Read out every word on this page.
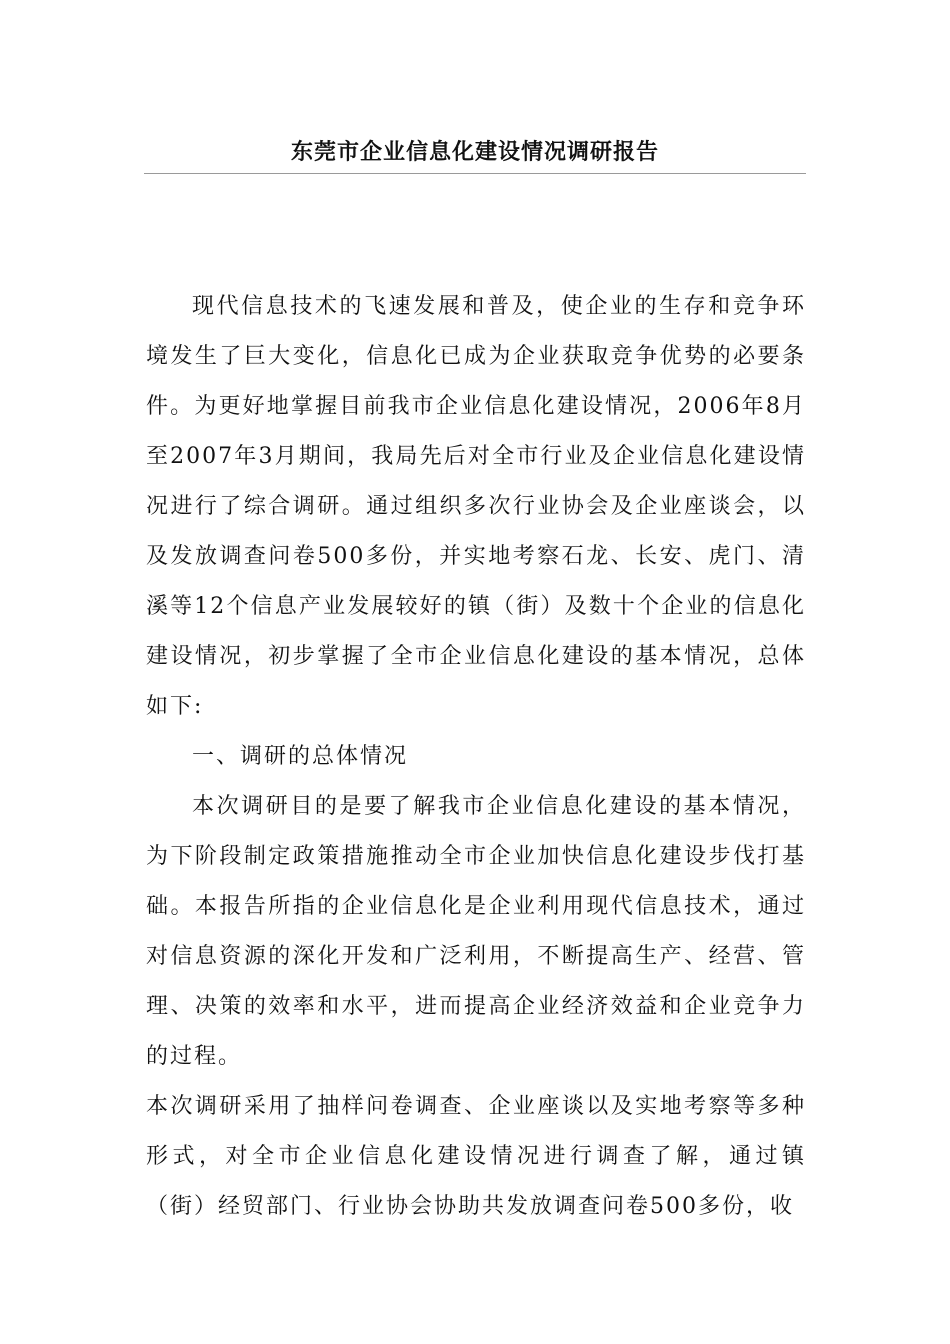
东莞市企业信息化建设情况调研报告

现代信息技术的飞速发展和普及，使企业的生存和竞争环境发生了巨大变化，信息化已成为企业获取竞争优势的必要条件。为更好地掌握目前我市企业信息化建设情况，2006年8月至2007年3月期间，我局先后对全市行业及企业信息化建设情况进行了综合调研。通过组织多次行业协会及企业座谈会，以及发放调查问卷500多份，并实地考察石龙、长安、虎门、清溪等12个信息产业发展较好的镇（街）及数十个企业的信息化建设情况，初步掌握了全市企业信息化建设的基本情况，总体如下:

一、调研的总体情况

本次调研目的是要了解我市企业信息化建设的基本情况，为下阶段制定政策措施推动全市企业加快信息化建设步伐打基础。本报告所指的企业信息化是企业利用现代信息技术，通过对信息资源的深化开发和广泛利用，不断提高生产、经营、管理、决策的效率和水平，进而提高企业经济效益和企业竞争力的过程。

本次调研采用了抽样问卷调查、企业座谈以及实地考察等多种形式，对全市企业信息化建设情况进行调查了解，通过镇（街）经贸部门、行业协会协助共发放调查问卷500多份，收
